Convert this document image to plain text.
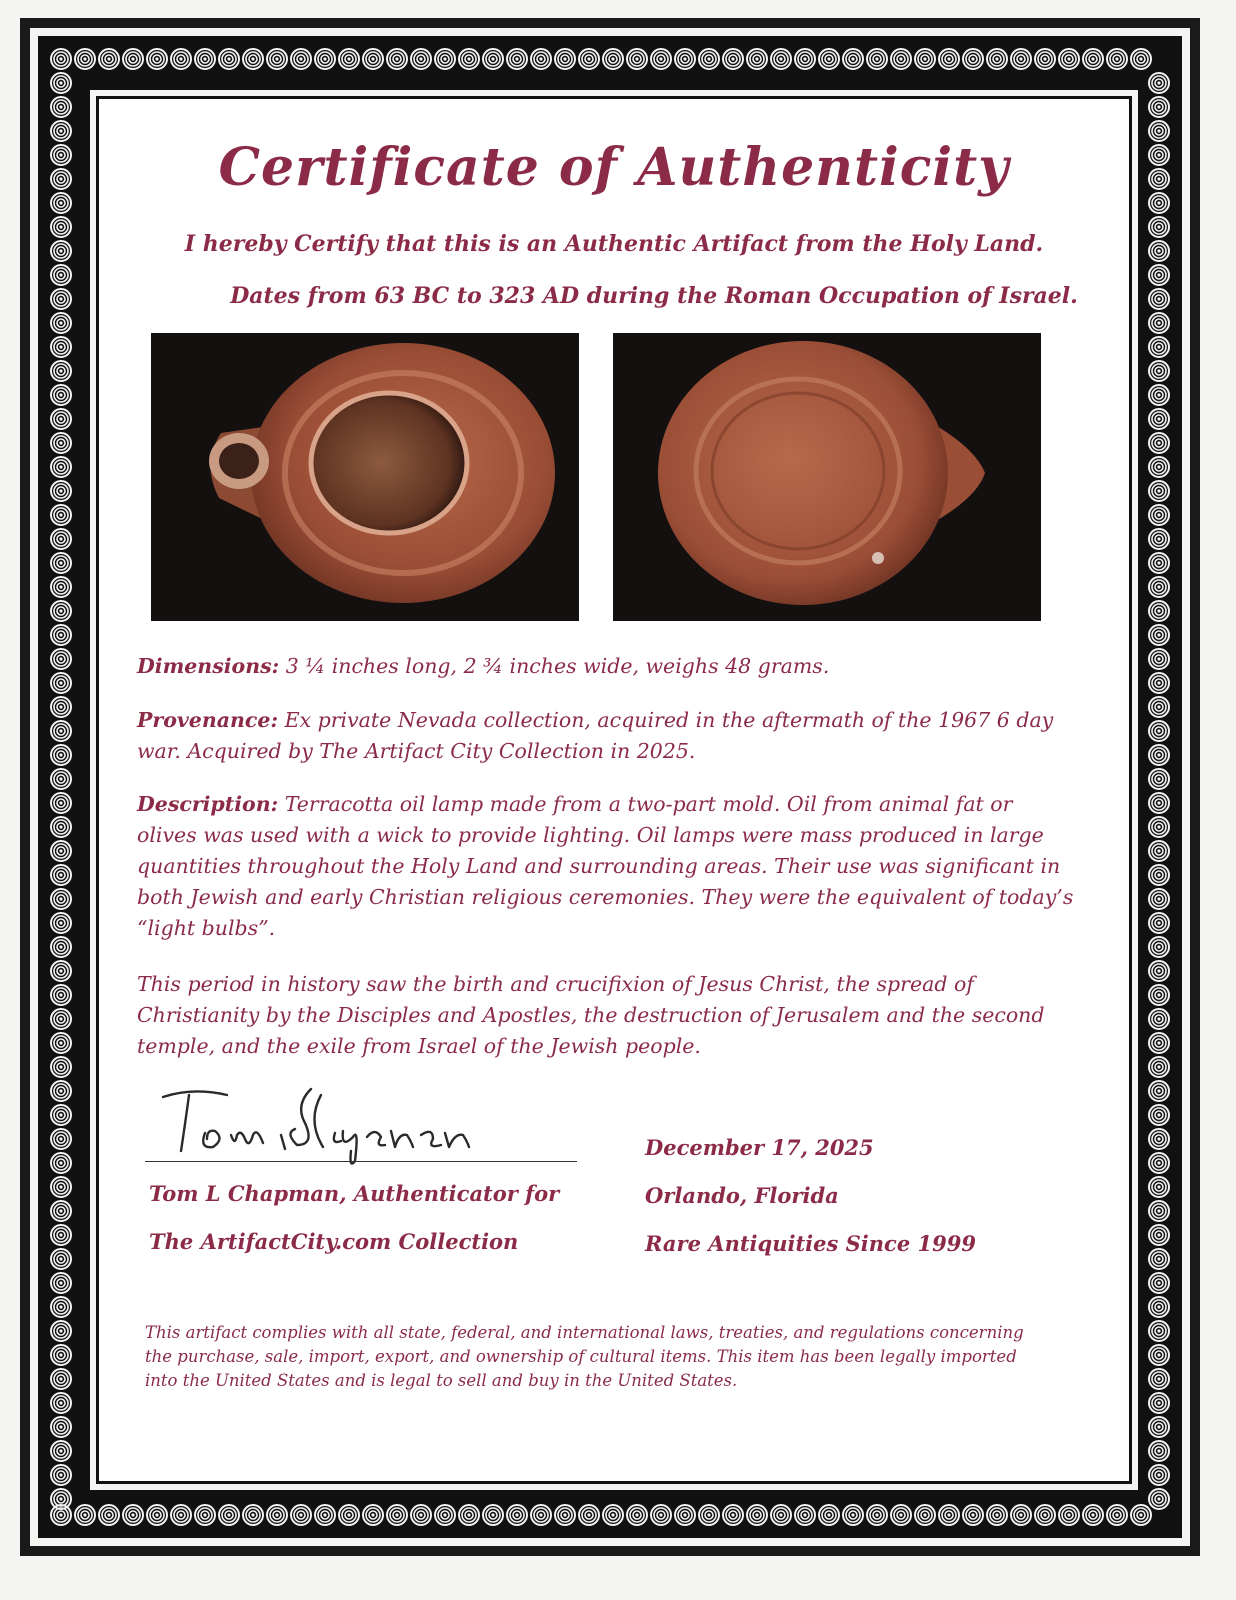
Certificate of Authenticity
I hereby Certify that this is an Authentic Artifact from the Holy Land.
Dates from 63 BC to 323 AD during the Roman Occupation of Israel.
Dimensions: 3 ¼ inches long, 2 ¾ inches wide, weighs 48 grams.
Provenance: Ex private Nevada collection, acquired in the aftermath of the 1967 6 day war. Acquired by The Artifact City Collection in 2025.
Description: Terracotta oil lamp made from a two-part mold. Oil from animal fat or olives was used with a wick to provide lighting. Oil lamps were mass produced in large quantities throughout the Holy Land and surrounding areas. Their use was significant in both Jewish and early Christian religious ceremonies. They were the equivalent of today’s “light bulbs”.
This period in history saw the birth and crucifixion of Jesus Christ, the spread of Christianity by the Disciples and Apostles, the destruction of Jerusalem and the second temple, and the exile from Israel of the Jewish people.
Tom L Chapman, Authenticator for
The ArtifactCity.com Collection
December 17, 2025
Orlando, Florida
Rare Antiquities Since 1999
This artifact complies with all state, federal, and international laws, treaties, and regulations concerning the purchase, sale, import, export, and ownership of cultural items. This item has been legally imported into the United States and is legal to sell and buy in the United States.
